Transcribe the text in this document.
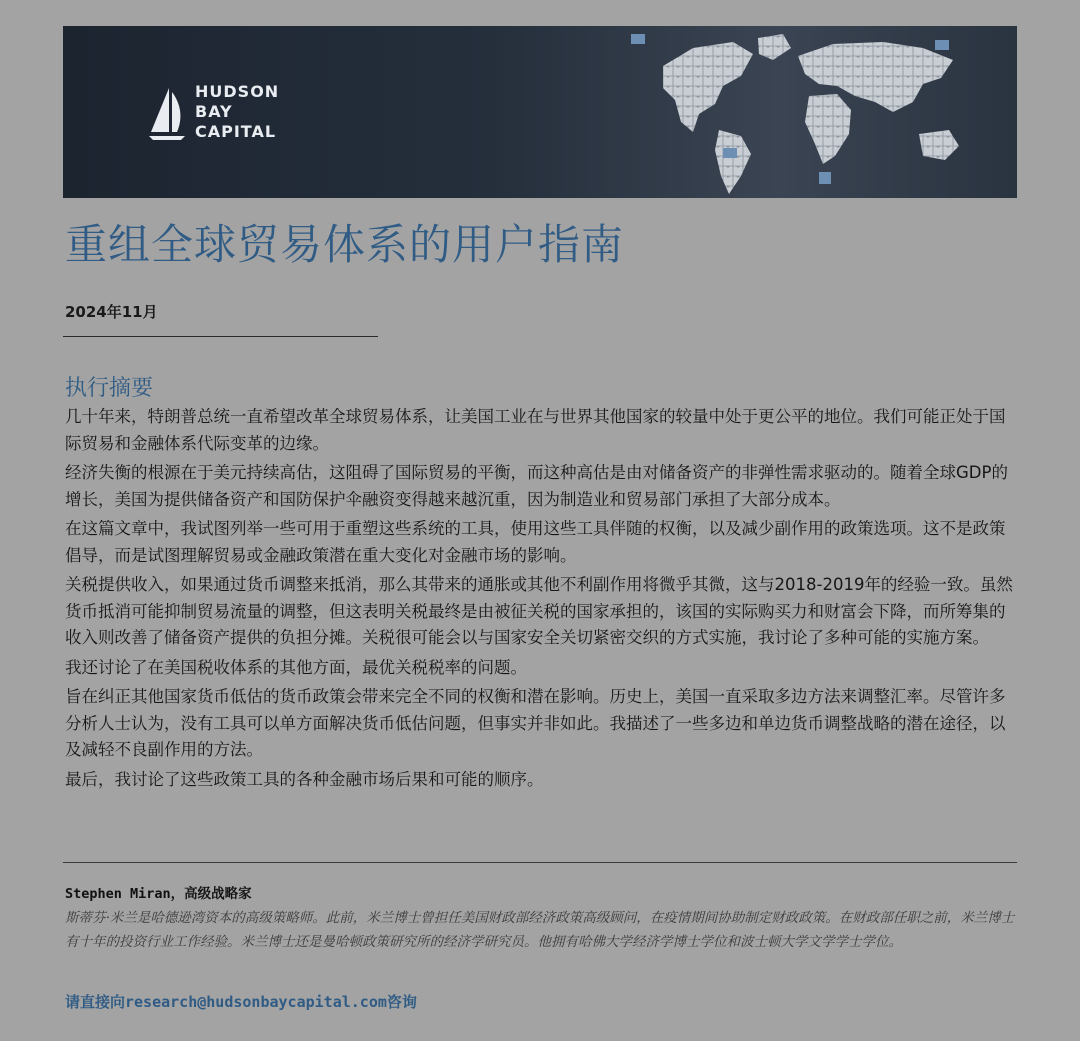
HUDSON
BAY
CAPITAL
重组全球贸易体系的用户指南
2024年11月
执行摘要

几十年来，特朗普总统一直希望改革全球贸易体系，让美国工业在与世界其他国家的较量中处于更公平的地位。我们可能正处于国际贸易和金融体系代际变革的边缘。

经济失衡的根源在于美元持续高估，这阻碍了国际贸易的平衡，而这种高估是由对储备资产的非弹性需求驱动的。随着全球GDP的增长，美国为提供储备资产和国防保护伞融资变得越来越沉重，因为制造业和贸易部门承担了大部分成本。

在这篇文章中，我试图列举一些可用于重塑这些系统的工具，使用这些工具伴随的权衡，以及减少副作用的政策选项。这不是政策倡导，而是试图理解贸易或金融政策潜在重大变化对金融市场的影响。

关税提供收入，如果通过货币调整来抵消，那么其带来的通胀或其他不利副作用将微乎其微，这与2018-2019年的经验一致。虽然货币抵消可能抑制贸易流量的调整，但这表明关税最终是由被征关税的国家承担的，该国的实际购买力和财富会下降，而所筹集的收入则改善了储备资产提供的负担分摊。关税很可能会以与国家安全关切紧密交织的方式实施，我讨论了多种可能的实施方案。

我还讨论了在美国税收体系的其他方面，最优关税税率的问题。

旨在纠正其他国家货币低估的货币政策会带来完全不同的权衡和潜在影响。历史上，美国一直采取多边方法来调整汇率。尽管许多分析人士认为，没有工具可以单方面解决货币低估问题，但事实并非如此。我描述了一些多边和单边货币调整战略的潜在途径，以及减轻不良副作用的方法。

最后，我讨论了这些政策工具的各种金融市场后果和可能的顺序。

Stephen Miran，高级战略家
斯蒂芬·米兰是哈德逊湾资本的高级策略师。此前，米兰博士曾担任美国财政部经济政策高级顾问，在疫情期间协助制定财政政策。在财政部任职之前，米兰博士有十年的投资行业工作经验。米兰博士还是曼哈顿政策研究所的经济学研究员。他拥有哈佛大学经济学博士学位和波士顿大学文学学士学位。
请直接向research@hudsonbaycapital.com咨询
